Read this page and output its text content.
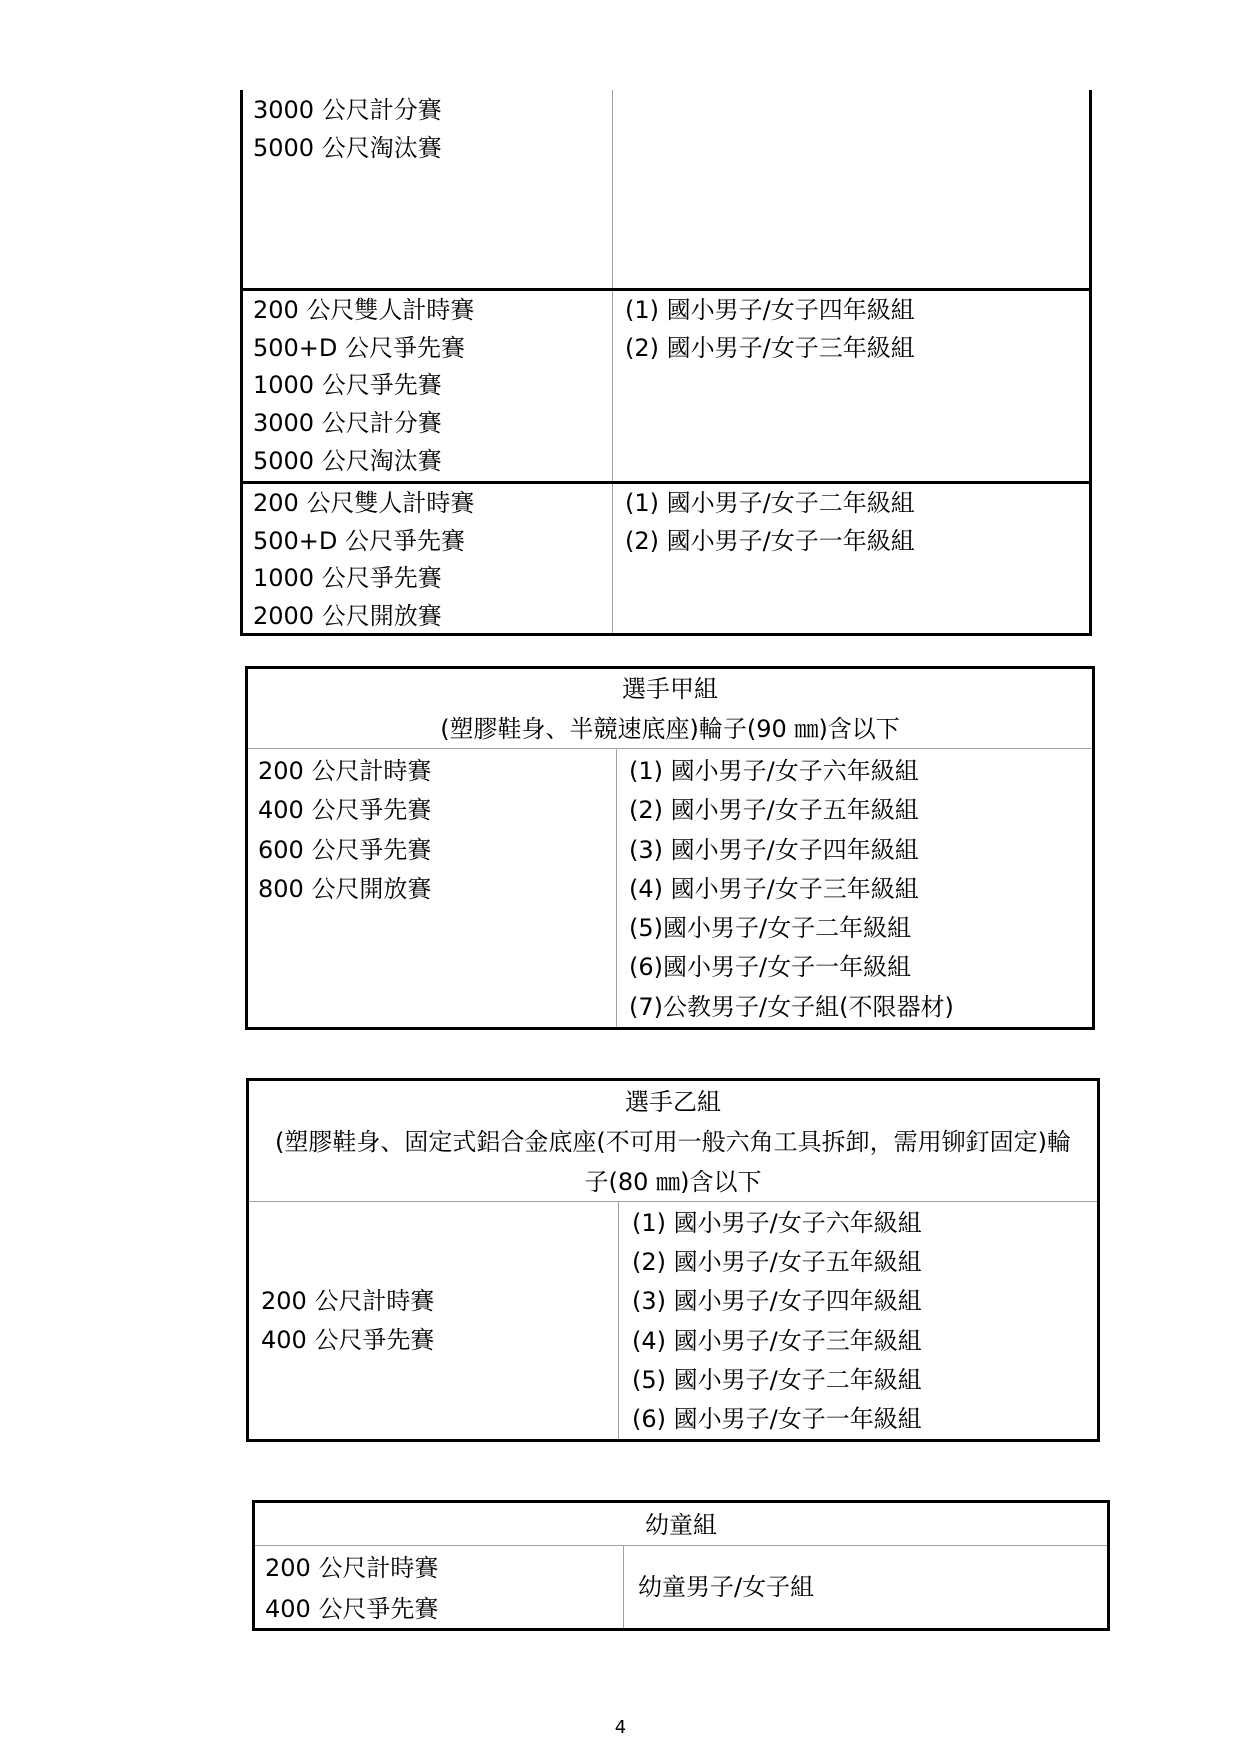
3000 公尺計分賽
5000 公尺淘汰賽
200 公尺雙人計時賽
500+D 公尺爭先賽
1000 公尺爭先賽
3000 公尺計分賽
5000 公尺淘汰賽
(1) 國小男子/女子四年級組
(2) 國小男子/女子三年級組
200 公尺雙人計時賽
500+D 公尺爭先賽
1000 公尺爭先賽
2000 公尺開放賽
(1) 國小男子/女子二年級組
(2) 國小男子/女子一年級組
選手甲組
(塑膠鞋身、半競速底座)輪子(90 ㎜)含以下
200 公尺計時賽
400 公尺爭先賽
600 公尺爭先賽
800 公尺開放賽
(1) 國小男子/女子六年級組
(2) 國小男子/女子五年級組
(3) 國小男子/女子四年級組
(4) 國小男子/女子三年級組
(5)國小男子/女子二年級組
(6)國小男子/女子一年級組
(7)公教男子/女子組(不限器材)
選手乙組
(塑膠鞋身、固定式鋁合金底座(不可用一般六角工具拆卸，需用铆釘固定)輪
子(80 ㎜)含以下
200 公尺計時賽
400 公尺爭先賽
(1) 國小男子/女子六年級組
(2) 國小男子/女子五年級組
(3) 國小男子/女子四年級組
(4) 國小男子/女子三年級組
(5) 國小男子/女子二年級組
(6) 國小男子/女子一年級組
幼童組
200 公尺計時賽
400 公尺爭先賽
幼童男子/女子組
4
